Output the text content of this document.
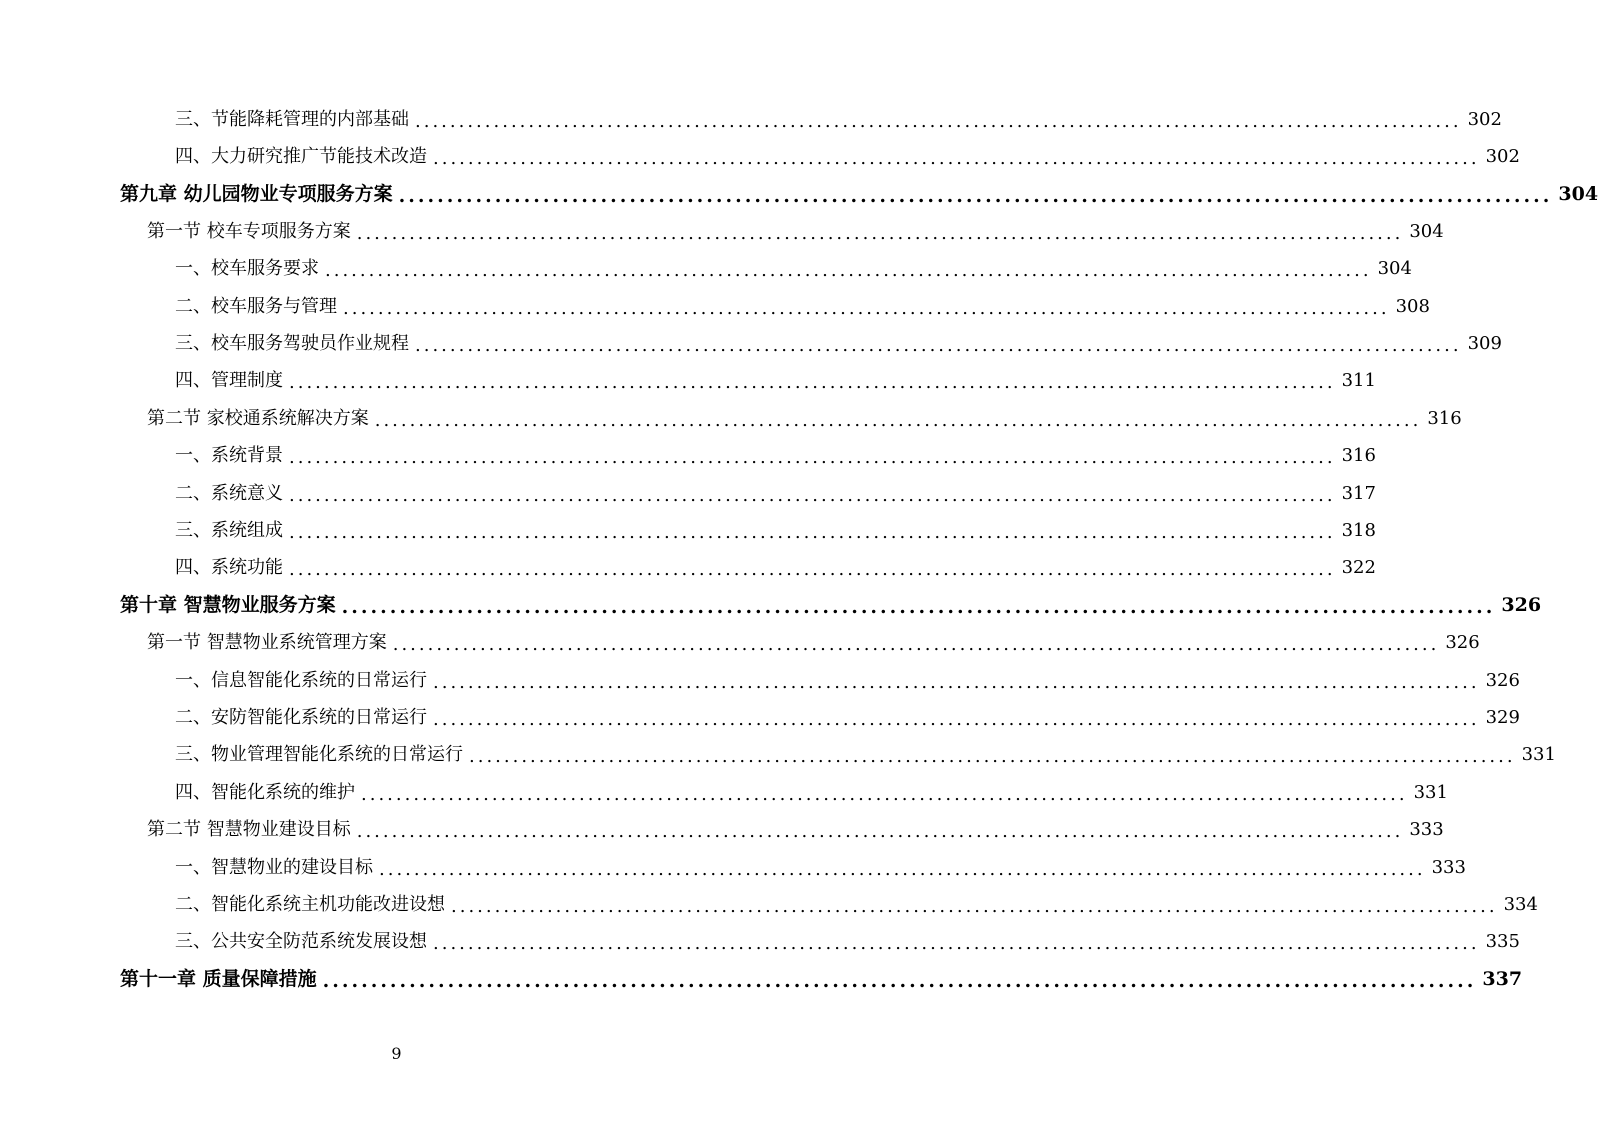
三、节能降耗管理的内部基础 ........................................................................................................................ 302
四、大力研究推广节能技术改造 ........................................................................................................................ 302
第九章 幼儿园物业专项服务方案 ........................................................................................................................ 304
第一节 校车专项服务方案 ........................................................................................................................ 304
一、校车服务要求 ........................................................................................................................ 304
二、校车服务与管理 ........................................................................................................................ 308
三、校车服务驾驶员作业规程 ........................................................................................................................ 309
四、管理制度 ........................................................................................................................ 311
第二节 家校通系统解决方案 ........................................................................................................................ 316
一、系统背景 ........................................................................................................................ 316
二、系统意义 ........................................................................................................................ 317
三、系统组成 ........................................................................................................................ 318
四、系统功能 ........................................................................................................................ 322
第十章 智慧物业服务方案 ........................................................................................................................ 326
第一节 智慧物业系统管理方案 ........................................................................................................................ 326
一、信息智能化系统的日常运行 ........................................................................................................................ 326
二、安防智能化系统的日常运行 ........................................................................................................................ 329
三、物业管理智能化系统的日常运行 ........................................................................................................................ 331
四、智能化系统的维护 ........................................................................................................................ 331
第二节 智慧物业建设目标 ........................................................................................................................ 333
一、智慧物业的建设目标 ........................................................................................................................ 333
二、智能化系统主机功能改进设想 ........................................................................................................................ 334
三、公共安全防范系统发展设想 ........................................................................................................................ 335
第十一章 质量保障措施 ........................................................................................................................ 337
9
